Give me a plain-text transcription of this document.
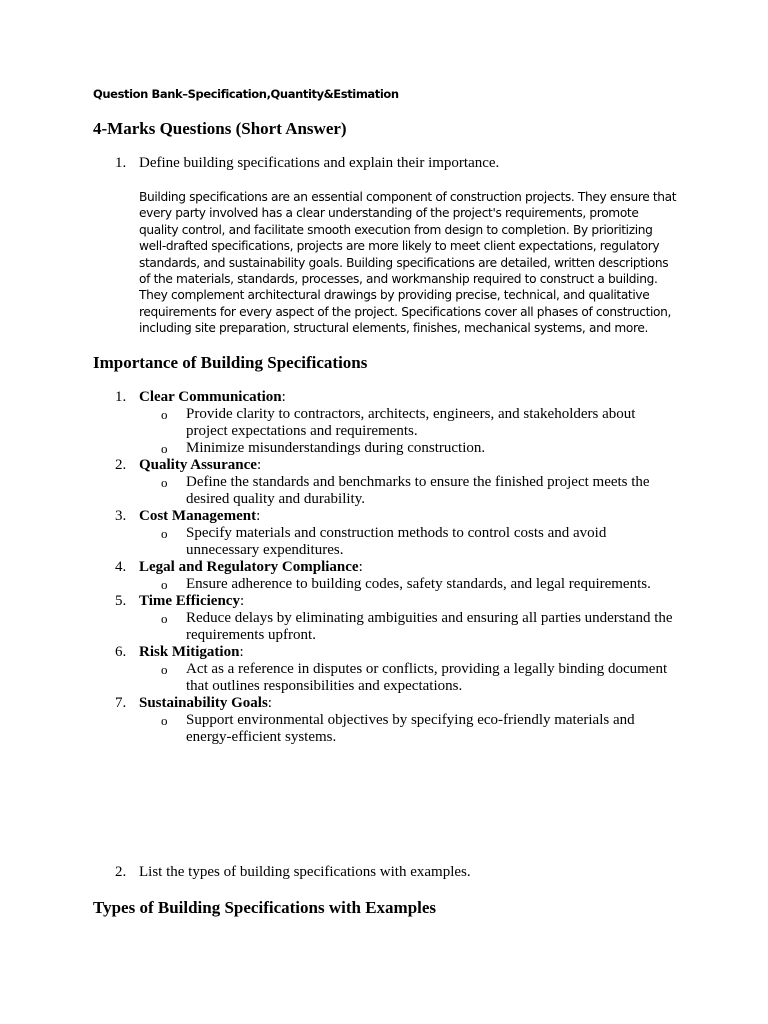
Question Bank–Specification,Quantity&Estimation
4-Marks Questions (Short Answer)
1. Define building specifications and explain their importance.
Building specifications are an essential component of construction projects. They ensure that every party involved has a clear understanding of the project's requirements, promote quality control, and facilitate smooth execution from design to completion. By prioritizing well-drafted specifications, projects are more likely to meet client expectations, regulatory standards, and sustainability goals. Building specifications are detailed, written descriptions of the materials, standards, processes, and workmanship required to construct a building. They complement architectural drawings by providing precise, technical, and qualitative requirements for every aspect of the project. Specifications cover all phases of construction, including site preparation, structural elements, finishes, mechanical systems, and more.
Importance of Building Specifications
1. Clear Communication:
o	Provide clarity to contractors, architects, engineers, and stakeholders about project expectations and requirements.
o	Minimize misunderstandings during construction.
2. Quality Assurance:
o	Define the standards and benchmarks to ensure the finished project meets the desired quality and durability.
3. Cost Management:
o	Specify materials and construction methods to control costs and avoid unnecessary expenditures.
4. Legal and Regulatory Compliance:
o	Ensure adherence to building codes, safety standards, and legal requirements.
5. Time Efficiency:
o	Reduce delays by eliminating ambiguities and ensuring all parties understand the requirements upfront.
6. Risk Mitigation:
o	Act as a reference in disputes or conflicts, providing a legally binding document that outlines responsibilities and expectations.
7. Sustainability Goals:
o	Support environmental objectives by specifying eco-friendly materials and energy-efficient systems.
2. List the types of building specifications with examples.
Types of Building Specifications with Examples
